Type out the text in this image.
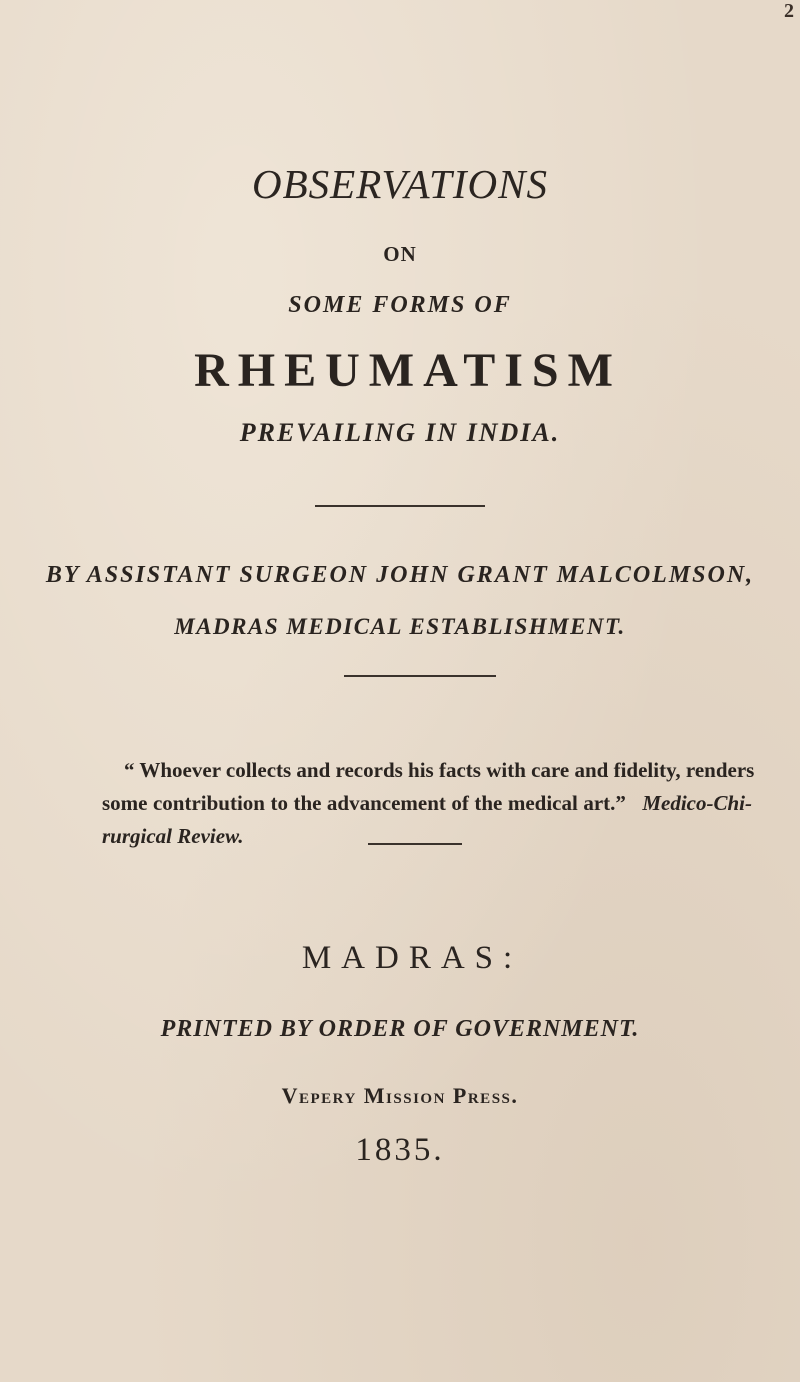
2
OBSERVATIONS
ON
SOME FORMS OF
RHEUMATISM
PREVAILING IN INDIA.
BY ASSISTANT SURGEON JOHN GRANT MALCOLMSON,
MADRAS MEDICAL ESTABLISHMENT.
“ Whoever collects and records his facts with care and fidelity, renders
some contribution to the advancement of the medical art.” Medico-Chi-
rurgical Review.
MADRAS:
PRINTED BY ORDER OF GOVERNMENT.
Vepery Mission Press.
1835.
